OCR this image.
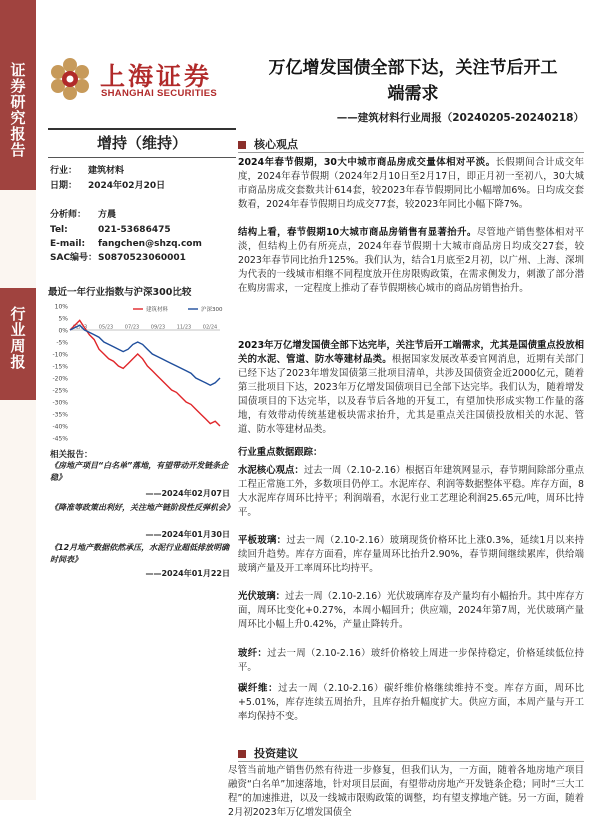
证券研究报告
行业周报
上海证券
SHANGHAI SECURITIES
万亿增发国债全部下达，关注节后开工
端需求
——建筑材料行业周报（20240205-20240218）
增持（维持）
行业： 建筑材料
日期： 2024年02月20日
分析师： 方晨
Tel:	021-53686475
E-mail: fangchen@shzq.com
SAC编号：S0870523060001
最近一年行业指数与沪深300比较
10%
5%
0%
-5%
-10%
-15%
-20%
-25%
-30%
-35%
-40%
-45%
02/23 05/23 07/23 09/23 11/23 02/24
建筑材料	沪深300
相关报告：
《房地产项目“白名单”落地，有望带动开发链条企稳》
——2024年02月07日
《降准等政策出利好，关注地产链阶段性反弹机会》
——2024年01月30日
《12月地产数据依然承压，水泥行业超低排放明确时间表》
——2024年01月22日
核心观点
2024年春节假期，30大中城市商品房成交量体相对平淡。长假期间合计成交年度，2024年春节假期（2024年2月10日至2月17日，即正月初一至初八，30大城市商品房成交套数共计614套，较2023年春节假期同比小幅增加6%。日均成交套数看，2024年春节假期日均成交77套，较2023年同比小幅下降7%。
结构上看，春节假期10大城市商品房销售有显著抬升。尽管地产销售整体相对平淡，但结构上仍有所亮点，2024年春节假期十大城市商品房日均成交27套，较2023年春节同比抬升125%。我们认为，结合1月底至2月初，以广州、上海、深圳为代表的一线城市相继不同程度放开住房限购政策，在需求侧发力，刺激了部分潜在购房需求，一定程度上推动了春节假期核心城市的商品房销售抬升。
2023年万亿增发国债全部下达完毕，关注节后开工端需求，尤其是国债重点投放相关的水泥、管道、防水等建材品类。根据国家发展改革委官网消息，近期有关部门已经下达了2023年增发国债第三批项目清单，共涉及国债资金近2000亿元，随着第三批项目下达，2023年万亿增发国债项目已全部下达完毕。我们认为，随着增发国债项目的下达完毕，以及春节后各地的开复工，有望加快形成实物工作量的落地，有效带动传统基建板块需求抬升，尤其是重点关注国债投放相关的水泥、管道、防水等建材品类。
行业重点数据跟踪：
水泥核心观点：过去一周（2.10-2.16）根据百年建筑网显示，春节期间除部分重点工程正常施工外，多数项目仍停工。水泥库存、利润等数据整体平稳。库存方面，8大水泥库存周环比持平；利润端看，水泥行业工艺理论利润25.65元/吨，周环比持平。
平板玻璃：过去一周（2.10-2.16）玻璃现货价格环比上涨0.3%，延续1月以来持续回升趋势。库存方面看，库存量周环比抬升2.90%，春节期间继续累库，供给端玻璃产量及开工率周环比均持平。
光伏玻璃：过去一周（2.10-2.16）光伏玻璃库存及产量均有小幅抬升。其中库存方面，周环比变化+0.27%，本周小幅回升；供应端，2024年第7周，光伏玻璃产量周环比小幅上升0.42%，产量止降转升。
玻纤：过去一周（2.10-2.16）玻纤价格较上周进一步保持稳定，价格延续低位持平。
碳纤维：过去一周（2.10-2.16）碳纤维价格继续维持不变。库存方面，周环比+5.01%，库存连续五周抬升，且库存抬升幅度扩大。供应方面，本周产量与开工率均保持不变。
投资建议
尽管当前地产销售仍然有待进一步修复，但我们认为，一方面，随着各地房地产项目融资“白名单”加速落地，针对项目层面，有望带动房地产开发链条企稳；同时“三大工程”的加速推进，以及一线城市限购政策的调整，均有望支撑地产链。另一方面，随着2月初2023年万亿增发国债全
